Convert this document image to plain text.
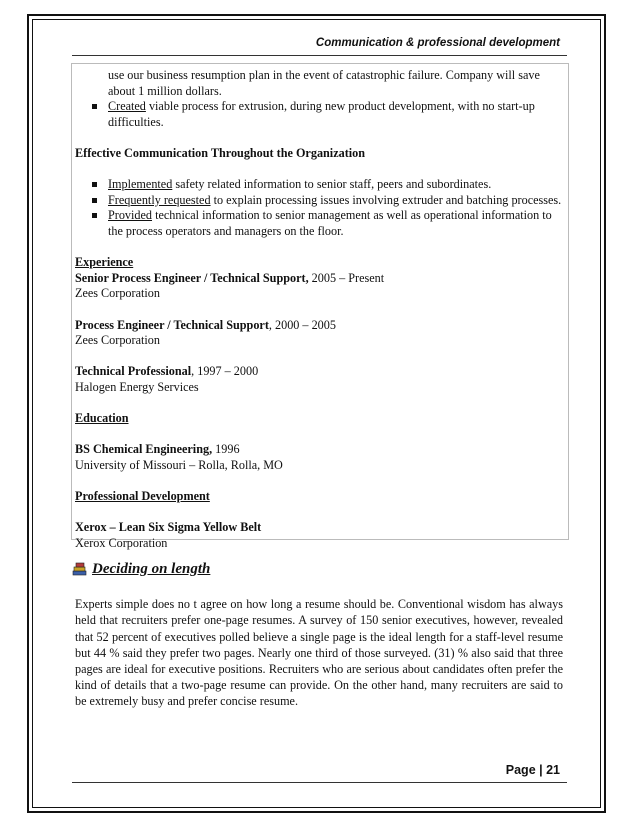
Communication & professional development
use our business resumption plan in the event of catastrophic failure. Company will save about 1 million dollars.
Created viable process for extrusion, during new product development, with no start-up difficulties.

Effective Communication Throughout the Organization

Implemented safety related information to senior staff, peers and subordinates.
Frequently requested to explain processing issues involving extruder and batching processes.
Provided technical information to senior management as well as operational information to the process operators and managers on the floor.

Experience

Senior Process Engineer / Technical Support, 2005 – Present

Zees Corporation

Process Engineer / Technical Support, 2000 – 2005

Zees Corporation

Technical Professional, 1997 – 2000

Halogen Energy Services

Education

BS Chemical Engineering, 1996

University of Missouri – Rolla, Rolla, MO

Professional Development

Xerox – Lean Six Sigma Yellow Belt

Xerox Corporation

Deciding on length

Experts simple does no t agree on how long a resume should be. Conventional wisdom has always held that recruiters prefer one-page resumes. A survey of 150 senior executives, however, revealed that 52 percent of executives polled believe a single page is the ideal length for a staff-level resume but 44 % said they prefer two pages. Nearly one third of those surveyed. (31) % also said that three pages are ideal for executive positions. Recruiters who are serious about candidates often prefer the kind of details that a two-page resume can provide. On the other hand, many recruiters are said to be extremely busy and prefer concise resume.

Page | 21
